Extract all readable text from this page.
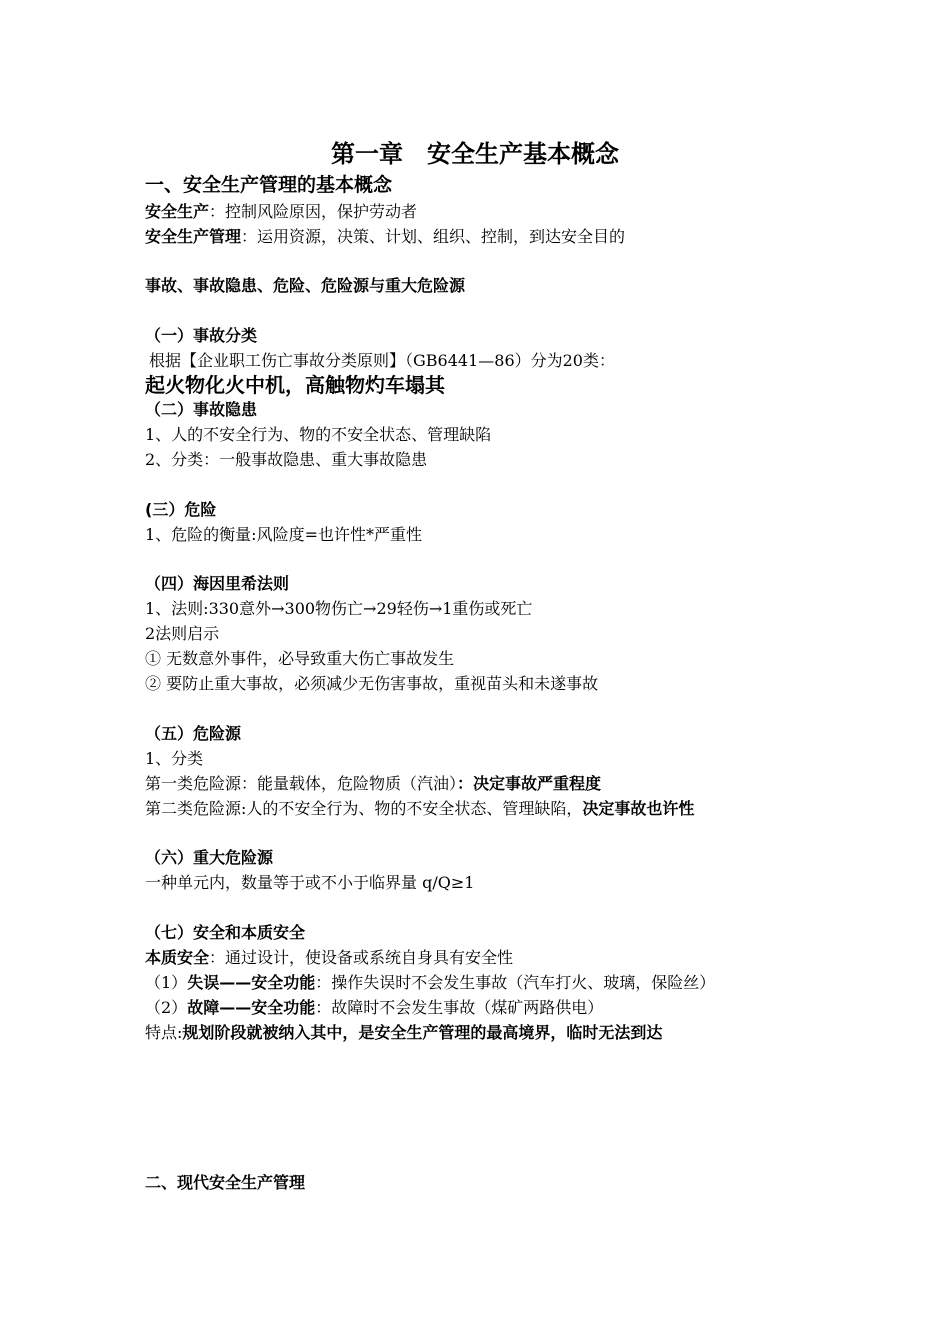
第一章　安全生产基本概念
一、安全生产管理的基本概念
安全生产：控制风险原因，保护劳动者
安全生产管理：运用资源，决策、计划、组织、控制，到达安全目的
事故、事故隐患、危险、危险源与重大危险源
（一）事故分类
根据【企业职工伤亡事故分类原则】（GB6441—86）分为20类：
起火物化火中机，高触物灼车塌其
（二）事故隐患
1、人的不安全行为、物的不安全状态、管理缺陷
2、分类：一般事故隐患、重大事故隐患
(三）危险
1、危险的衡量:风险度=也许性*严重性
（四）海因里希法则
1、法则:330意外→300物伤亡→29轻伤→1重伤或死亡
2法则启示
① 无数意外事件，必导致重大伤亡事故发生
② 要防止重大事故，必须减少无伤害事故，重视苗头和未遂事故
（五）危险源
1、分类
第一类危险源：能量载体，危险物质（汽油）：决定事故严重程度
第二类危险源:人的不安全行为、物的不安全状态、管理缺陷，决定事故也许性
（六）重大危险源
一种单元内，数量等于或不小于临界量 q/Q≥1
（七）安全和本质安全
本质安全：通过设计，使设备或系统自身具有安全性
（1）失误——安全功能：操作失误时不会发生事故（汽车打火、玻璃，保险丝）
（2）故障——安全功能：故障时不会发生事故（煤矿两路供电）
特点:规划阶段就被纳入其中，是安全生产管理的最高境界，临时无法到达
二、现代安全生产管理
